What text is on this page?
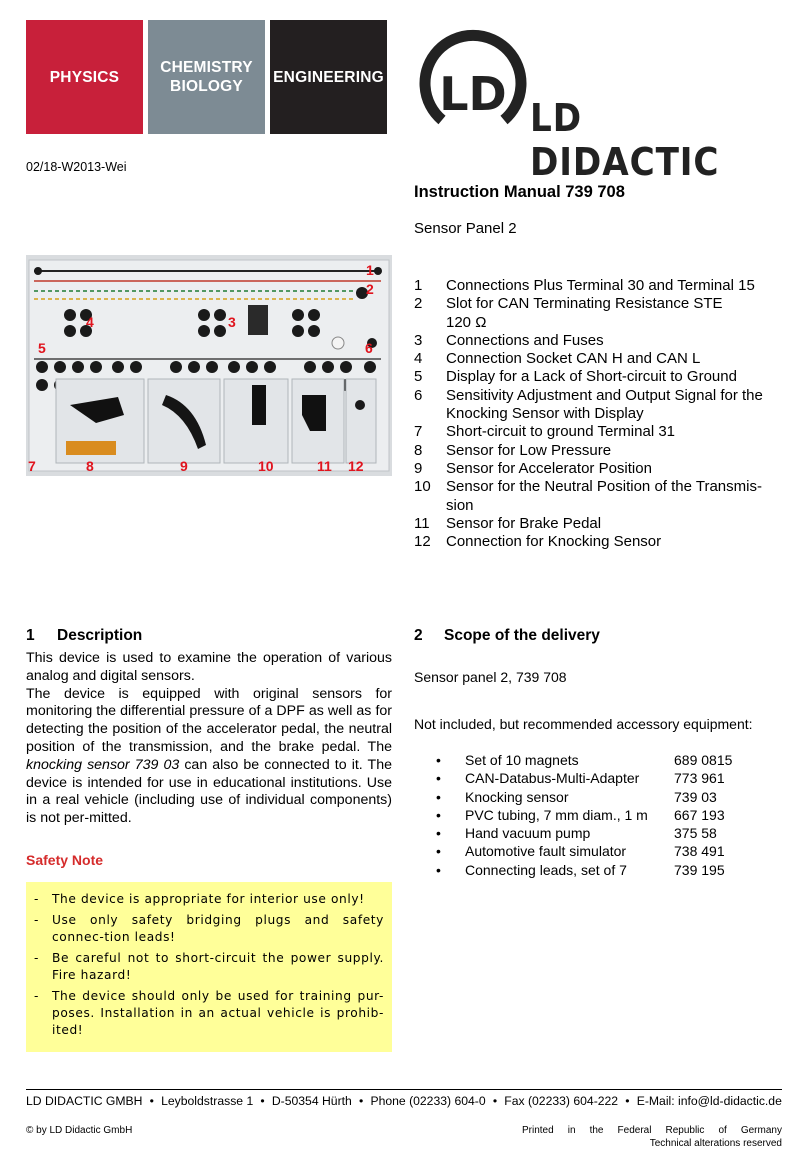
PHYSICS
CHEMISTRY
BIOLOGY
ENGINEERING LD LD DIDACTIC
02/18-W2013-Wei
Instruction Manual 739 708
Sensor Panel 2
1
2
3
4
5	6
7	8	9	10	11 12
1	Connections Plus Terminal 30 and Terminal 15
2	Slot for CAN Terminating Resistance STE 120 Ω
3	Connections and Fuses
4	Connection Socket CAN H and CAN L
5	Display for a Lack of Short-circuit to Ground
6	Sensitivity Adjustment and Output Signal for the Knocking Sensor with Display
7	Short-circuit to ground Terminal 31
8	Sensor for Low Pressure
9	Sensor for Accelerator Position
10	Sensor for the Neutral Position of the Transmis-sion
11	Sensor for Brake Pedal
12	Connection for Knocking Sensor
1 Description
This device is used to examine the operation of various analog and digital sensors.
The device is equipped with original sensors for monitoring the differential pressure of a DPF as well as for detecting the position of the accelerator pedal, the neutral position of the transmission, and the brake pedal. The knocking sensor 739 03 can also be connected to it. The device is intended for use in educational institutions. Use in a real vehicle (including use of individual components) is not per-mitted.
Safety Note
-	The device is appropriate for interior use only!
-	Use only safety bridging plugs and safety connec-tion leads!
-	Be careful not to short-circuit the power supply. Fire hazard!
-	The device should only be used for training pur-poses. Installation in an actual vehicle is prohib-ited!
2 Scope of the delivery
Sensor panel 2, 739 708
Not included, but recommended accessory equipment:
•	Set of 10 magnets	689 0815
•	CAN-Databus-Multi-Adapter	773 961
•	Knocking sensor	739 03
•	PVC tubing, 7 mm diam., 1 m	667 193
•	Hand vacuum pump	375 58
•	Automotive fault simulator	738 491
•	Connecting leads, set of 7	739 195
LD DIDACTIC GMBH • Leyboldstrasse 1 • D-50354 Hürth • Phone (02233) 604-0 • Fax (02233) 604-222 • E-Mail: info@ld-didactic.de
© by LD Didactic GmbH	Printed in the Federal Republic of Germany
Technical alterations reserved
